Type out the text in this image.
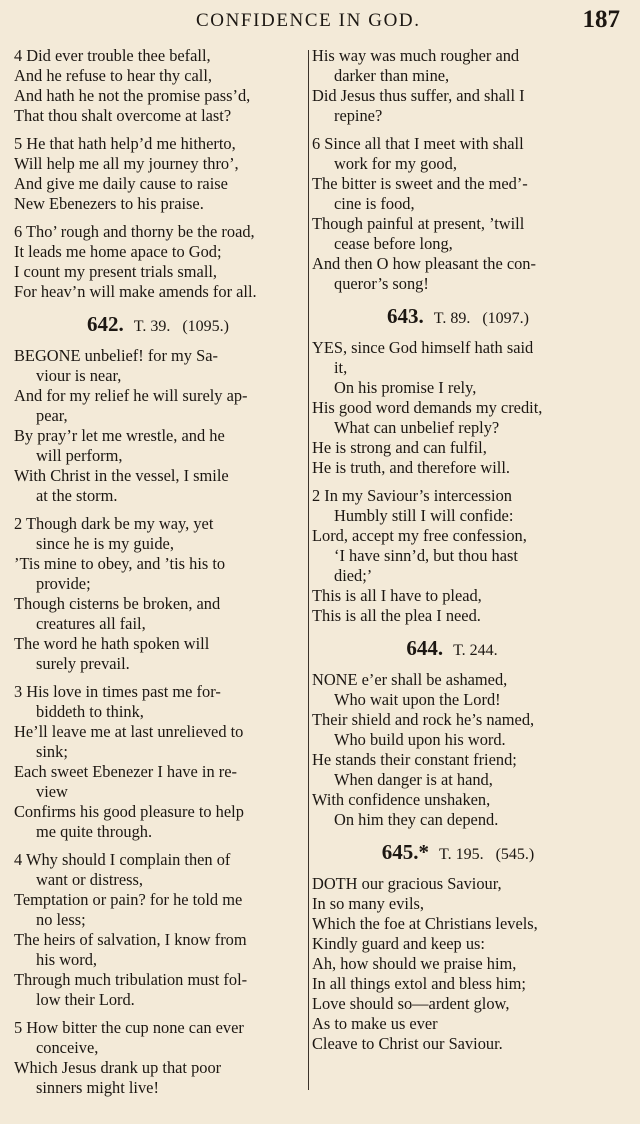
CONFIDENCE IN GOD.	187
4 Did ever trouble thee befall,
And he refuse to hear thy call,
And hath he not the promise pass’d,
That thou shalt overcome at last?
5 He that hath help’d me hitherto,
Will help me all my journey thro’,
And give me daily cause to raise
New Ebenezers to his praise.
6 Tho’ rough and thorny be the road,
It leads me home apace to God;
I count my present trials small,
For heav’n will make amends for all.
642. T. 39. (1095.)
BEGONE unbelief! for my Sa-
viour is near,
And for my relief he will surely ap-
pear,
By pray’r let me wrestle, and he
will perform,
With Christ in the vessel, I smile
at the storm.
2 Though dark be my way, yet
since he is my guide,
’Tis mine to obey, and ’tis his to
provide;
Though cisterns be broken, and
creatures all fail,
The word he hath spoken will
surely prevail.
3 His love in times past me for-
biddeth to think,
He’ll leave me at last unrelieved to
sink;
Each sweet Ebenezer I have in re-
view
Confirms his good pleasure to help
me quite through.
4 Why should I complain then of
want or distress,
Temptation or pain? for he told me
no less;
The heirs of salvation, I know from
his word,
Through much tribulation must fol-
low their Lord.
5 How bitter the cup none can ever
conceive,
Which Jesus drank up that poor
sinners might live!
His way was much rougher and
darker than mine,
Did Jesus thus suffer, and shall I
repine?
6 Since all that I meet with shall
work for my good,
The bitter is sweet and the med’-
cine is food,
Though painful at present, ’twill
cease before long,
And then O how pleasant the con-
queror’s song!
643. T. 89. (1097.)
YES, since God himself hath said
it,
On his promise I rely,
His good word demands my credit,
What can unbelief reply?
He is strong and can fulfil,
He is truth, and therefore will.
2 In my Saviour’s intercession
Humbly still I will confide:
Lord, accept my free confession,
‘I have sinn’d, but thou hast
died;’
This is all I have to plead,
This is all the plea I need.
644. T. 244.
NONE e’er shall be ashamed,
Who wait upon the Lord!
Their shield and rock he’s named,
Who build upon his word.
He stands their constant friend;
When danger is at hand,
With confidence unshaken,
On him they can depend.
645.* T. 195. (545.)
DOTH our gracious Saviour,
In so many evils,
Which the foe at Christians levels,
Kindly guard and keep us:
Ah, how should we praise him,
In all things extol and bless him;
Love should so—ardent glow,
As to make us ever
Cleave to Christ our Saviour.
